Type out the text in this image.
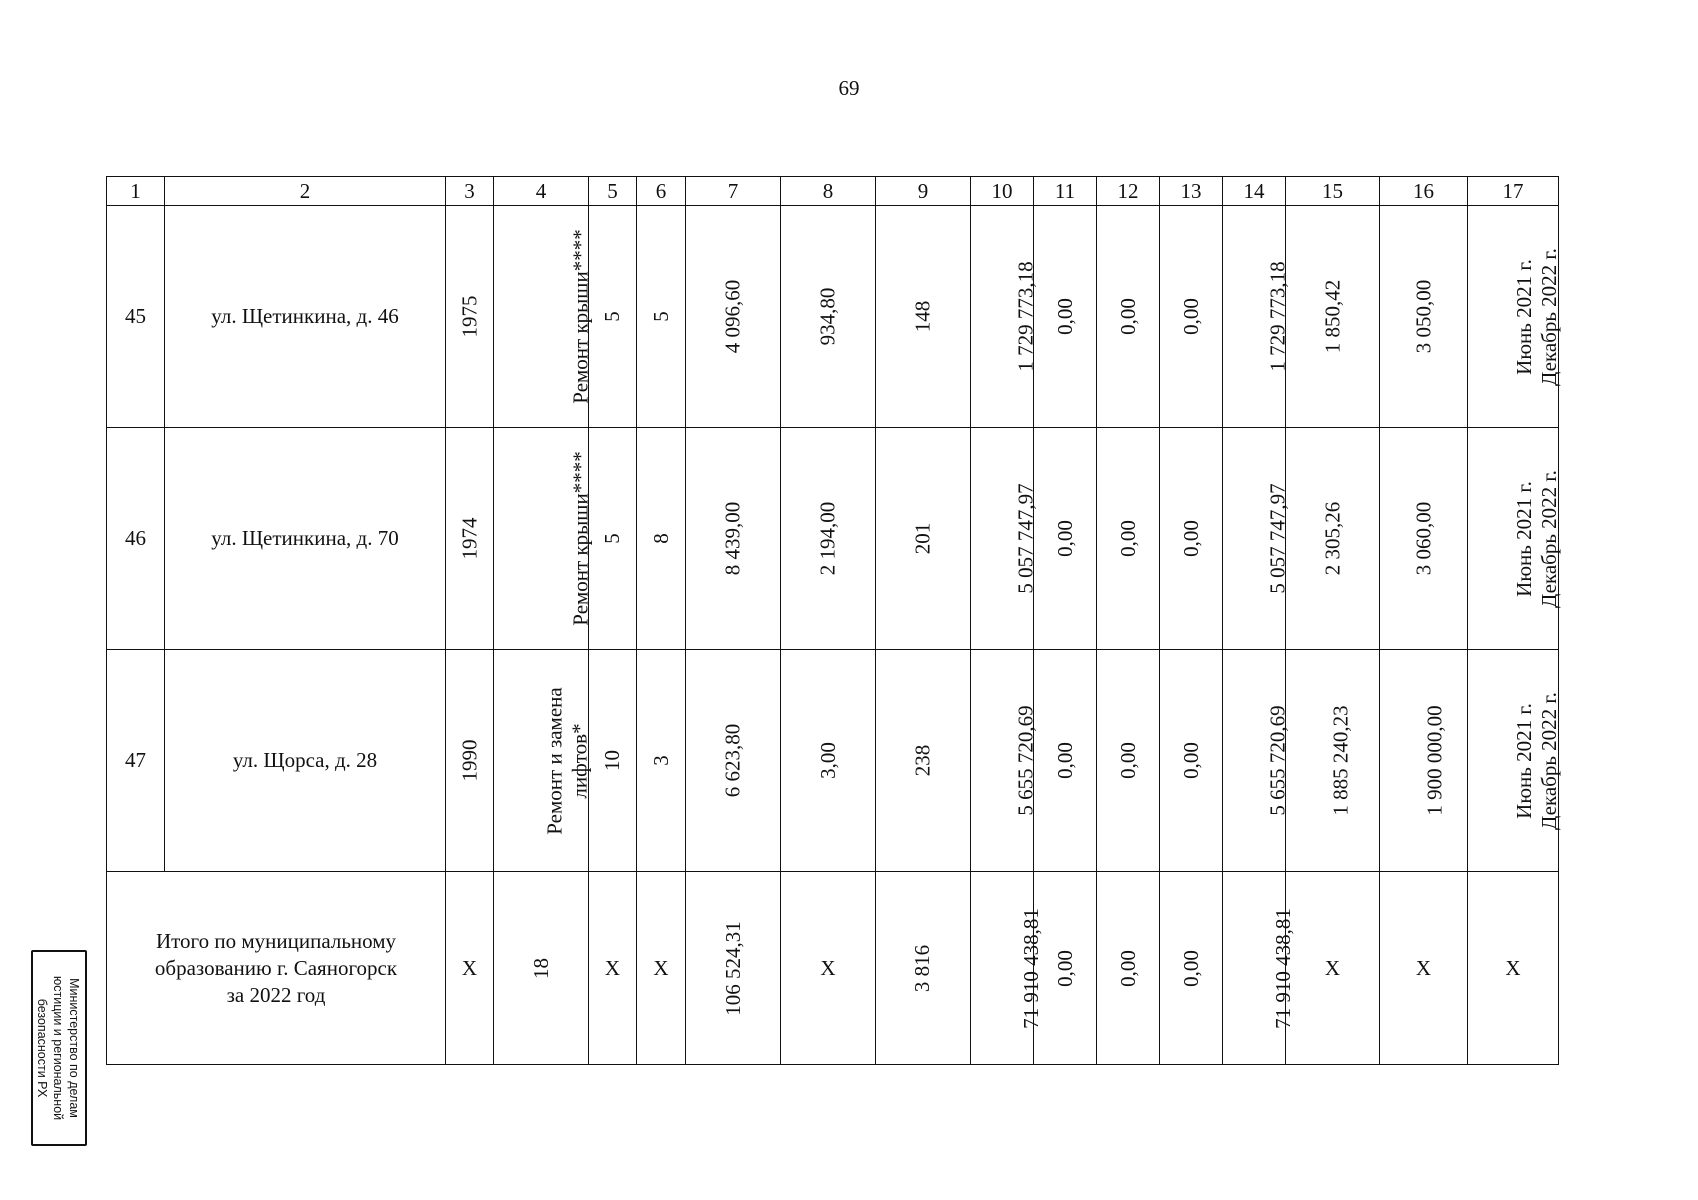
69
1	2	3	4	5	6	7	8	9	10	11	12	13	14	15	16	17
45	ул. Щетинкина, д. 46	1975	Ремонт крыши****	5	5	4 096,60	934,80	148	1 729 773,18	0,00	0,00	0,00	1 729 773,18	1 850,42	3 050,00	Июнь 2021 г.
Декабрь 2022 г.
46	ул. Щетинкина, д. 70	1974	Ремонт крыши****	5	8	8 439,00	2 194,00	201	5 057 747,97	0,00	0,00	0,00	5 057 747,97	2 305,26	3 060,00	Июнь 2021 г.
Декабрь 2022 г.
47	ул. Щорса, д. 28	1990	Ремонт и замена
лифтов*	10	3	6 623,80	3,00	238	5 655 720,69	0,00	0,00	0,00	5 655 720,69	1 885 240,23	1 900 000,00	Июнь 2021 г.
Декабрь 2022 г.
Итого по муниципальному
образованию г. Саяногорск
за 2022 год		X	18	X	X	106 524,31	X	3 816	71 910 438,81	0,00	0,00	0,00	71 910 438,81	X	X	X
Министерство по делам
юстиции и региональной
безопасности РХ
